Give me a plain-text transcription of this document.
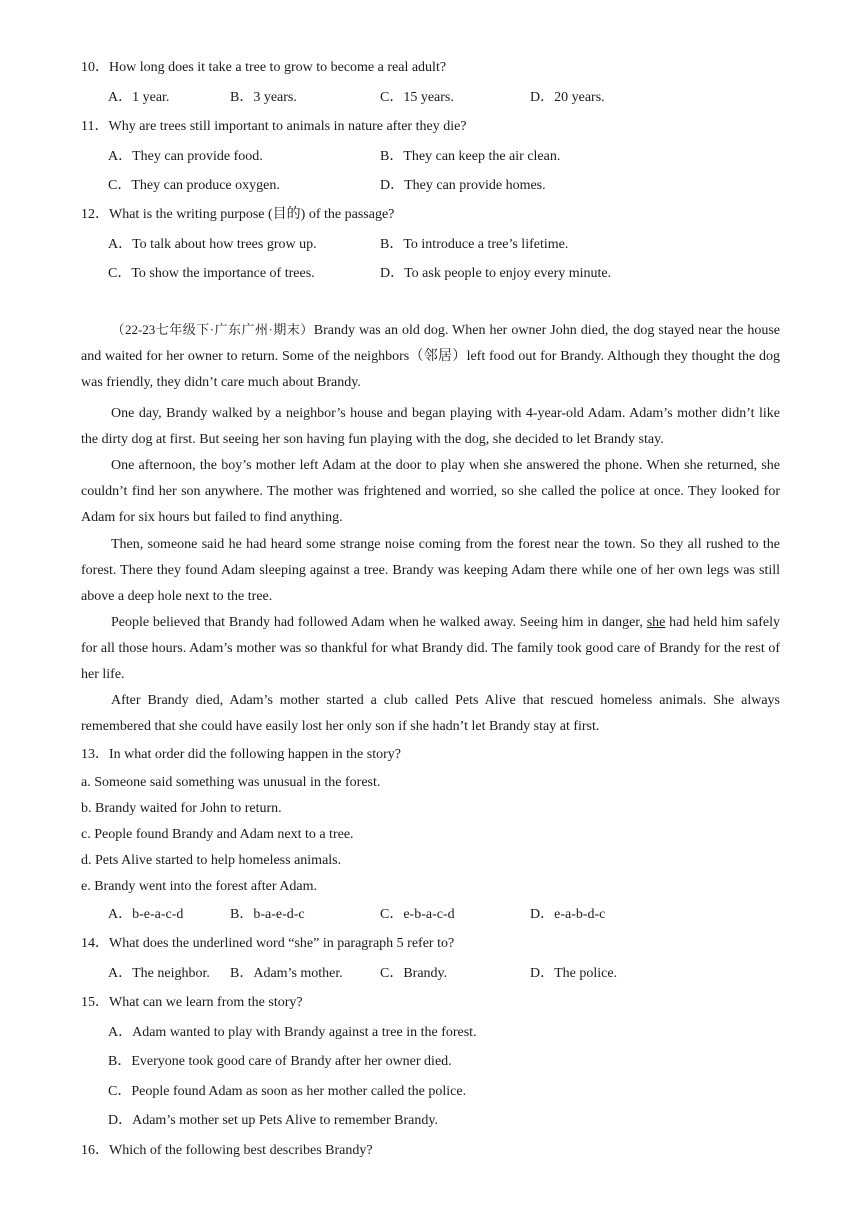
10．How long does it take a tree to grow to become a real adult?
A．1 year.	B．3 years.	C．15 years.	D．20 years.
11．Why are trees still important to animals in nature after they die?
A．They can provide food.	B．They can keep the air clean.
C．They can produce oxygen.	D．They can provide homes.
12．What is the writing purpose (目的) of the passage?
A．To talk about how trees grow up.	B．To introduce a tree’s lifetime.
C．To show the importance of trees.	D．To ask people to enjoy every minute.
（22-23七年级下·广东广州·期末）Brandy was an old dog. When her owner John died, the dog stayed near the house and waited for her owner to return. Some of the neighbors（邻居）left food out for Brandy. Although they thought the dog was friendly, they didn’t care much about Brandy.
One day, Brandy walked by a neighbor’s house and began playing with 4-year-old Adam. Adam’s mother didn’t like the dirty dog at first. But seeing her son having fun playing with the dog, she decided to let Brandy stay.
One afternoon, the boy’s mother left Adam at the door to play when she answered the phone. When she returned, she couldn’t find her son anywhere. The mother was frightened and worried, so she called the police at once. They looked for Adam for six hours but failed to find anything.
Then, someone said he had heard some strange noise coming from the forest near the town. So they all rushed to the forest. There they found Adam sleeping against a tree. Brandy was keeping Adam there while one of her own legs was still above a deep hole next to the tree.
People believed that Brandy had followed Adam when he walked away. Seeing him in danger, she had held him safely for all those hours. Adam’s mother was so thankful for what Brandy did. The family took good care of Brandy for the rest of her life.
After Brandy died, Adam’s mother started a club called Pets Alive that rescued homeless animals. She always remembered that she could have easily lost her only son if she hadn’t let Brandy stay at first.
13．In what order did the following happen in the story?
a. Someone said something was unusual in the forest.
b. Brandy waited for John to return.
c. People found Brandy and Adam next to a tree.
d. Pets Alive started to help homeless animals.
e. Brandy went into the forest after Adam.
A．b-e-a-c-d	B．b-a-e-d-c	C．e-b-a-c-d	D．e-a-b-d-c
14．What does the underlined word “she” in paragraph 5 refer to?
A．The neighbor. B．Adam’s mother.	C．Brandy.	D．The police.
15．What can we learn from the story?
A．Adam wanted to play with Brandy against a tree in the forest.
B．Everyone took good care of Brandy after her owner died.
C．People found Adam as soon as her mother called the police.
D．Adam’s mother set up Pets Alive to remember Brandy.
16．Which of the following best describes Brandy?
